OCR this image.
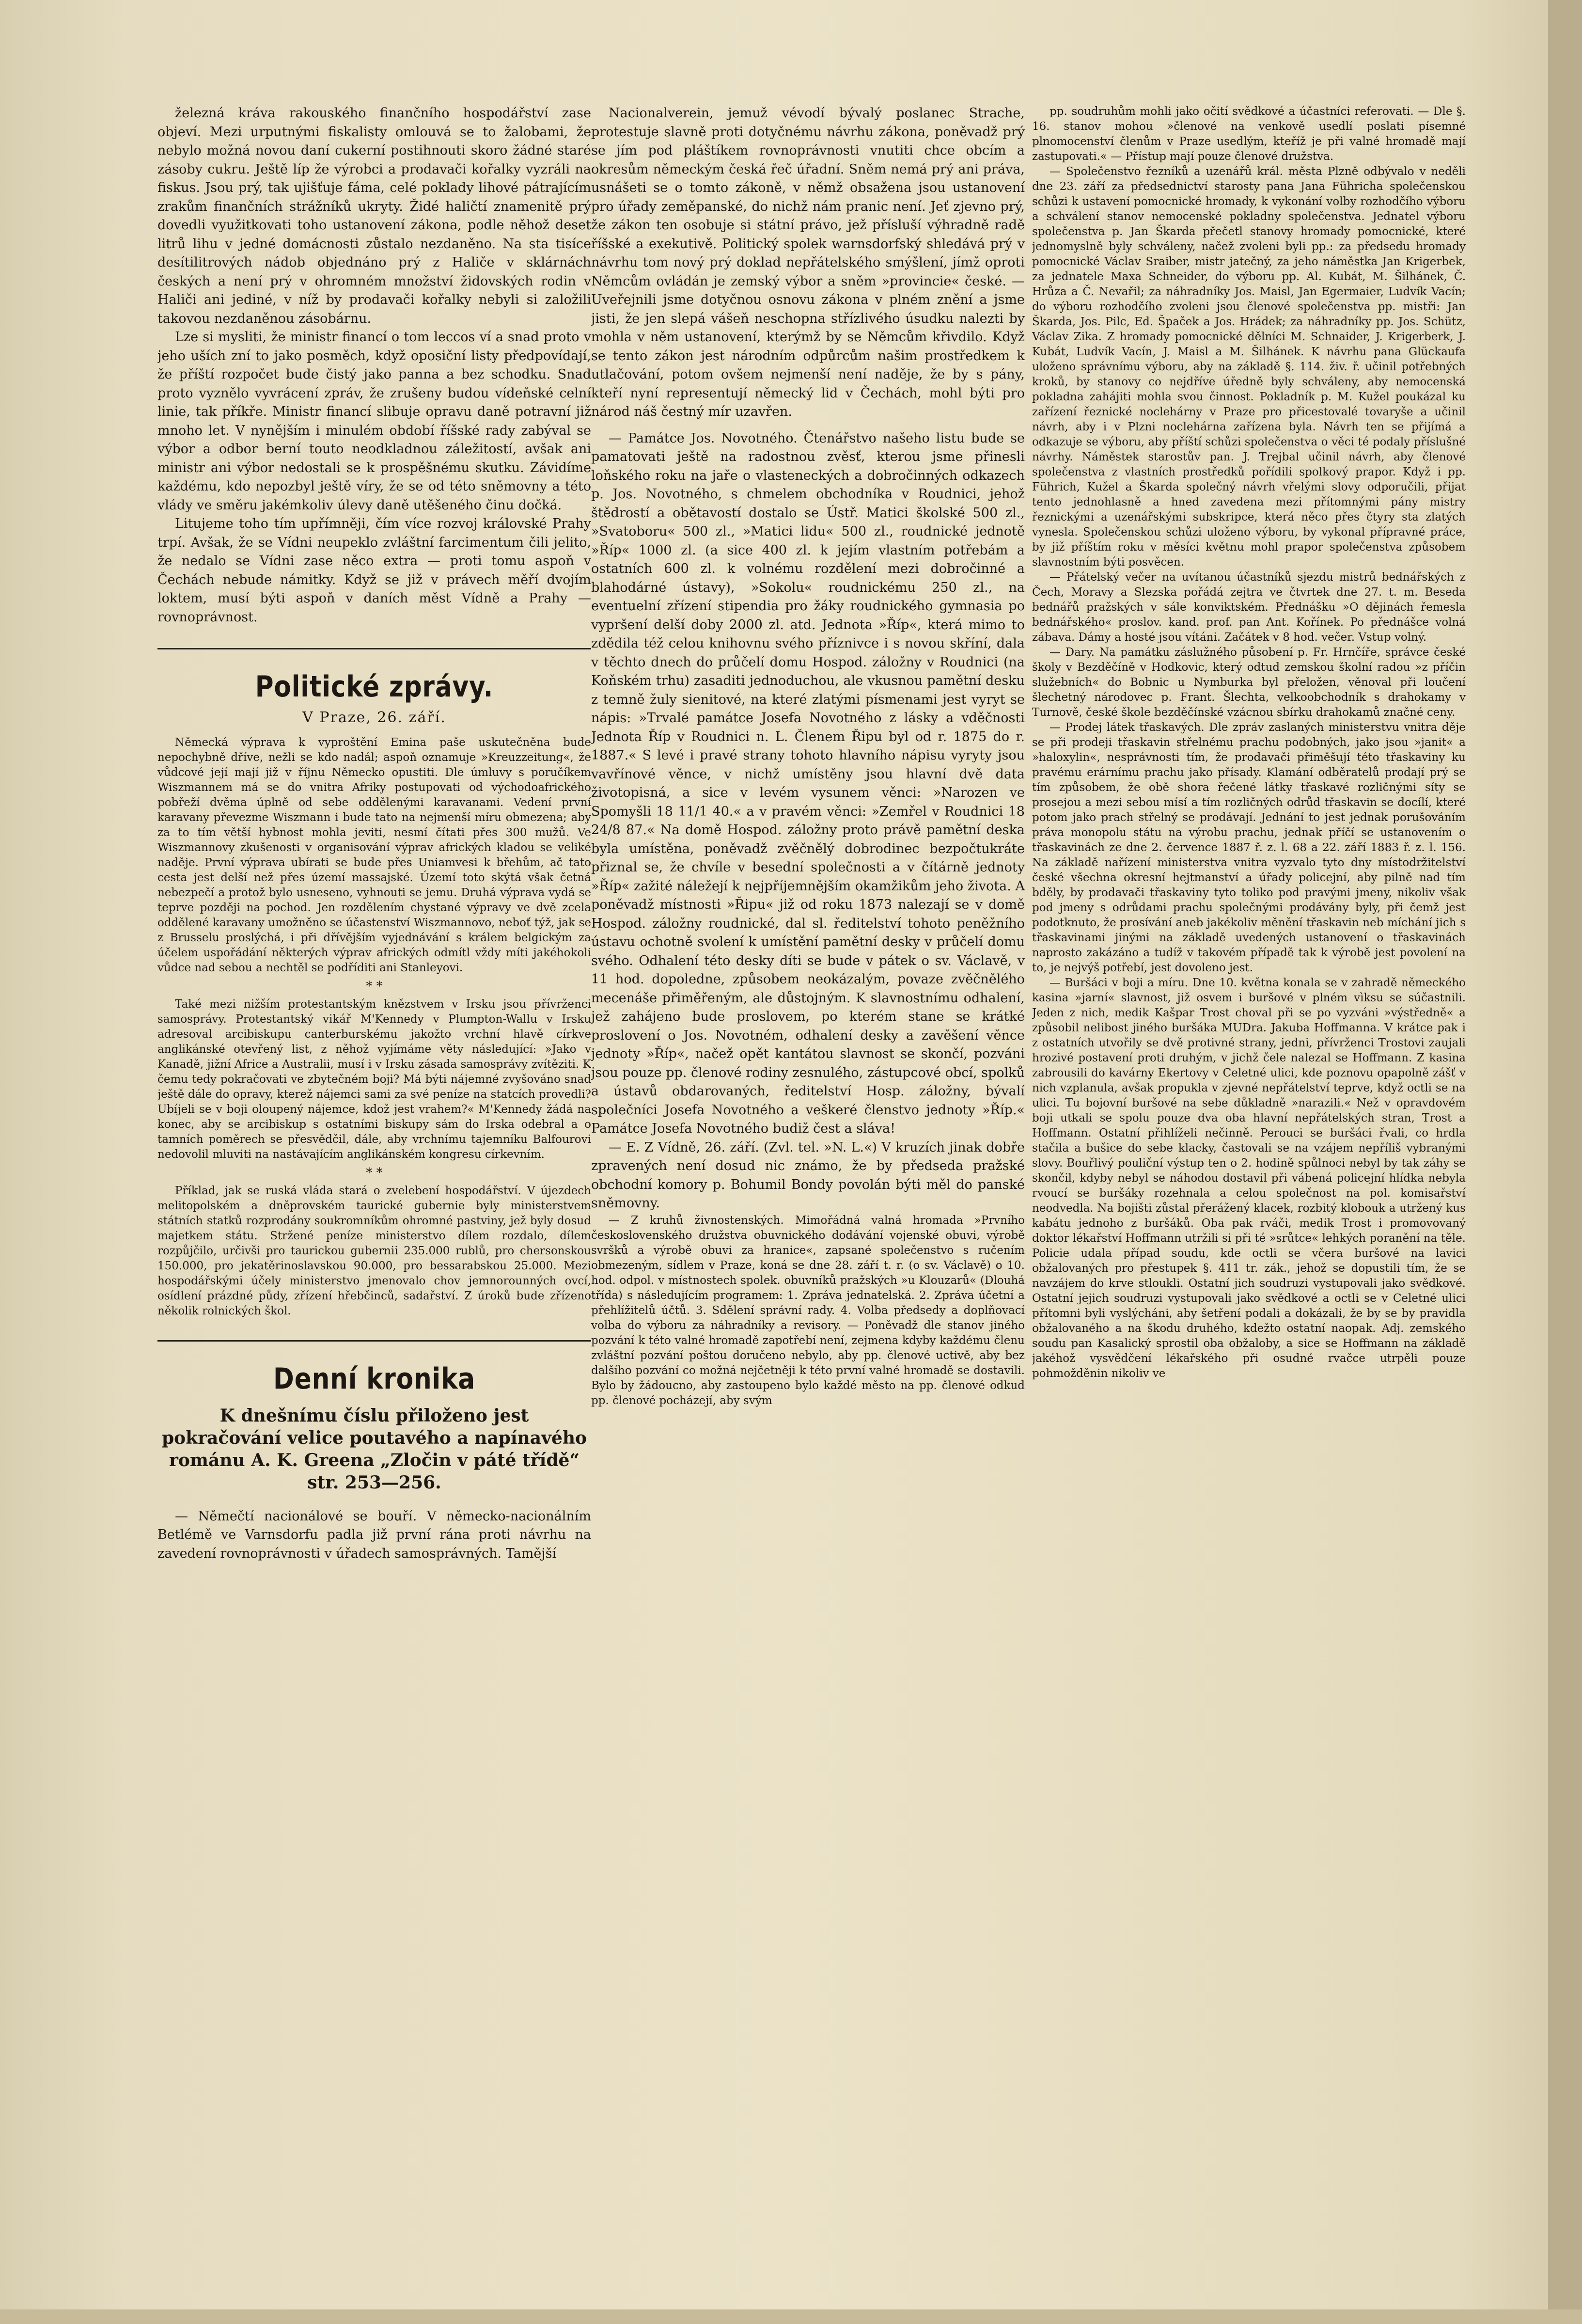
železná kráva rakouského finančního hospodářství zase objeví. Mezi urputnými fiskalisty omlouvá se to žalobami, že nebylo možná novou daní cukerní postihnouti skoro žádné staré zásoby cukru. Ještě líp že výrobci a prodavači kořalky vyzráli na fiskus. Jsou prý, tak ujišťuje fáma, celé poklady lihové pátrajícím zrakům finančních strážníků ukryty. Židé haličtí znamenitě prý dovedli využitkovati toho ustanovení zákona, podle něhož deset litrů lihu v jedné domácnosti zůstalo nezdaněno. Na sta tisíce desítilitrových nádob objednáno prý z Haliče v sklárnách českých a není prý v ohromném množství židovských rodin v Haliči ani jediné, v níž by prodavači kořalky nebyli si založili takovou nezdaněnou zásobárnu.

Lze si mysliti, že ministr financí o tom leccos ví a snad proto v jeho uších zní to jako posměch, když oposiční listy předpovídají, že příští rozpočet bude čistý jako panna a bez schodku. Snad proto vyznělo vyvrácení zpráv, že zrušeny budou vídeňské celní linie, tak příkře. Ministr financí slibuje opravu daně potravní již mnoho let. V nynějším i minulém období říšské rady zabýval se výbor a odbor berní touto neodkladnou záležitostí, avšak ani ministr ani výbor nedostali se k prospěšnému skutku. Závidíme každému, kdo nepozbyl ještě víry, že se od této sněmovny a této vlády ve směru jakémkoliv úlevy daně utěšeného činu dočká.

Litujeme toho tím upřímněji, čím více rozvoj královské Prahy trpí. Avšak, že se Vídni neupeklo zvláštní farcimentum čili jelito, že nedalo se Vídni zase něco extra — proti tomu aspoň v Čechách nebude námitky. Když se již v právech měří dvojím loktem, musí býti aspoň v daních měst Vídně a Prahy — rovnoprávnost.

Politické zprávy.
V Praze, 26. září.

Německá výprava k vyproštění Emina paše uskutečněna bude nepochybně dříve, nežli se kdo nadál; aspoň oznamuje »Kreuzzeitung«, že vůdcové její mají již v říjnu Německo opustiti. Dle úmluvy s poručíkem Wiszmannem má se do vnitra Afriky postupovati od východoafrického pobřeží dvěma úplně od sebe oddělenými karavanami. Vedení první karavany převezme Wiszmann i bude tato na nejmenší míru obmezena; aby za to tím větší hybnost mohla jeviti, nesmí čítati přes 300 mužů. Ve Wiszmannovy zkušenosti v organisování výprav afrických kladou se veliké naděje. První výprava ubírati se bude přes Uniamvesi k břehům, ač tato cesta jest delší než přes území massajské. Území toto skýtá však četná nebezpečí a protož bylo usneseno, vyhnouti se jemu. Druhá výprava vydá se teprve později na pochod. Jen rozdělením chystané výpravy ve dvě zcela oddělené karavany umožněno se účastenství Wiszmannovo, neboť týž, jak se z Brusselu proslýchá, i při dřívějším vyjednávání s králem belgickým za účelem uspořádání některých výprav afrických odmítl vždy míti jakéhokoli vůdce nad sebou a nechtěl se podříditi ani Stanleyovi.

* *

Také mezi nižším protestantským knězstvem v Irsku jsou přívrženci samosprávy. Protestantský vikář M'Kennedy v Plumpton-Wallu v Irsku adresoval arcibiskupu canterburskému jakožto vrchní hlavě církve anglikánské otevřený list, z něhož vyjímáme věty následující: »Jako v Kanadě, jižní Africe a Australii, musí i v Irsku zásada samosprávy zvítěziti. K čemu tedy pokračovati ve zbytečném boji? Má býti nájemné zvyšováno snad ještě dále do opravy, kterež nájemci sami za své peníze na statcích provedli? Ubíjeli se v boji oloupený nájemce, kdož jest vrahem?« M'Kennedy žádá na konec, aby se arcibiskup s ostatními biskupy sám do Irska odebral a o tamních poměrech se přesvědčil, dále, aby vrchnímu tajemníku Balfourovi nedovolil mluviti na nastávajícím anglikánském kongresu církevním.

* *

Příklad, jak se ruská vláda stará o zvelebení hospodářství. V újezdech melitopolském a dněprovském taurické gubernie byly ministerstvem státních statků rozprodány soukromníkům ohromné pastviny, jež byly dosud majetkem státu. Stržené peníze ministerstvo dílem rozdalo, dílem rozpůjčilo, určivši pro taurickou gubernii 235.000 rublů, pro chersonskou 150.000, pro jekatěrinoslavskou 90.000, pro bessarabskou 25.000. Mezi hospodářskými účely ministerstvo jmenovalo chov jemnorounných ovcí, osídlení prázdné půdy, zřízení hřebčinců, sadařství. Z úroků bude zřízeno několik rolnických škol.

Denní kronika
K dnešnímu číslu přiloženo jest pokračování velice poutavého a napínavého románu A. K. Greena „Zločin v páté třídě“ str. 253—256.

— Němečtí nacionálové se bouří. V německo-nacionálním Betlémě ve Varnsdorfu padla již první rána proti návrhu na zavedení rovnoprávnosti v úřadech samosprávných. Tamější

Nacionalverein, jemuž vévodí bývalý poslanec Strache, protestuje slavně proti dotyčnému návrhu zákona, poněvadž prý se jím pod pláštíkem rovnoprávnosti vnutiti chce obcím a okresům německým česká řeč úřadní. Sněm nemá prý ani práva, usnášeti se o tomto zákoně, v němž obsažena jsou ustanovení pro úřady zeměpanské, do nichž nám pranic není. Jeť zjevno prý, že zákon ten osobuje si státní právo, jež přísluší výhradně radě říšské a exekutivě. Politický spolek warnsdorfský shledává prý v návrhu tom nový prý doklad nepřátelského smýšlení, jímž oproti Němcům ovládán je zemský výbor a sněm »provincie« české. — Uveřejnili jsme dotyčnou osnovu zákona v plném znění a jsme jisti, že jen slepá vášeň neschopna střízlivého úsudku nalezti by mohla v něm ustanovení, kterýmž by se Němcům křivdilo. Když se tento zákon jest národním odpůrcům našim prostředkem k utlačování, potom ovšem nejmenší není naděje, že by s pány, kteří nyní representují německý lid v Čechách, mohl býti pro národ náš čestný mír uzavřen.

— Památce Jos. Novotného. Čtenářstvo našeho listu bude se pamatovati ještě na radostnou zvěsť, kterou jsme přinesli loňského roku na jaře o vlasteneckých a dobročinných odkazech p. Jos. Novotného, s chmelem obchodníka v Roudnici, jehož štědrostí a obětavostí dostalo se Ústř. Matici školské 500 zl., »Svatoboru« 500 zl., »Matici lidu« 500 zl., roudnické jednotě »Říp« 1000 zl. (a sice 400 zl. k jejím vlastním potřebám a ostatních 600 zl. k volnému rozdělení mezi dobročinné a blahodárné ústavy), »Sokolu« roudnickému 250 zl., na eventuelní zřízení stipendia pro žáky roudnického gymnasia po vypršení delší doby 2000 zl. atd. Jednota »Říp«, která mimo to zdědila též celou knihovnu svého příznivce i s novou skříní, dala v těchto dnech do průčelí domu Hospod. záložny v Roudnici (na Koňském trhu) zasaditi jednoduchou, ale vkusnou pamětní desku z temně žuly sienitové, na které zlatými písmenami jest vyryt se nápis: »Trvalé památce Josefa Novotného z lásky a vděčnosti Jednota Říp v Roudnici n. L. Členem Řipu byl od r. 1875 do r. 1887.« S levé i pravé strany tohoto hlavního nápisu vyryty jsou vavřínové věnce, v nichž umístěny jsou hlavní dvě data životopisná, a sice v levém vysunem věnci: »Narozen ve Spomyšli 18 11/1 40.« a v pravém věnci: »Zemřel v Roudnici 18 24/8 87.« Na domě Hospod. záložny proto právě pamětní deska byla umístěna, poněvadž zvěčnělý dobrodinec bezpočtukráte přiznal se, že chvíle v besední společnosti a v čítárně jednoty »Říp« zažité náležejí k nejpříjemnějším okamžikům jeho života. A poněvadž místnosti »Řipu« již od roku 1873 nalezají se v domě Hospod. záložny roudnické, dal sl. ředitelství tohoto peněžního ústavu ochotně svolení k umístění pamětní desky v průčelí domu svého. Odhalení této desky díti se bude v pátek o sv. Václavě, v 11 hod. dopoledne, způsobem neokázalým, povaze zvěčnělého mecenáše přiměřeným, ale důstojným. K slavnostnímu odhalení, jež zahájeno bude proslovem, po kterém stane se krátké proslovení o Jos. Novotném, odhalení desky a zavěšení věnce jednoty »Říp«, načež opět kantátou slavnost se skončí, pozváni jsou pouze pp. členové rodiny zesnulého, zástupcové obcí, spolků a ústavů obdarovaných, ředitelství Hosp. záložny, bývalí společníci Josefa Novotného a veškeré členstvo jednoty »Říp.« Památce Josefa Novotného budiž čest a sláva!

— E. Z Vídně, 26. září. (Zvl. tel. »N. L.«) V kruzích jinak dobře zpravených není dosud nic známo, že by předseda pražské obchodní komory p. Bohumil Bondy povolán býti měl do panské sněmovny.

— Z kruhů živnostenských. Mimořádná valná hromada »Prvního československého družstva obuvnického dodávání vojenské obuvi, výrobě svršků a výrobě obuvi za hranice«, zapsané společenstvo s ručením obmezeným, sídlem v Praze, koná se dne 28. září t. r. (o sv. Václavě) o 10. hod. odpol. v místnostech spolek. obuvníků pražských »u Klouzarů« (Dlouhá třída) s následujícím programem: 1. Zpráva jednatelská. 2. Zpráva účetní a přehlížitelů účtů. 3. Sdělení správní rady. 4. Volba předsedy a doplňovací volba do výboru za náhradníky a revisory. — Poněvadž dle stanov jiného pozvání k této valné hromadě zapotřebí není, zejmena kdyby každému členu zvláštní pozvání poštou doručeno nebylo, aby pp. členové uctivě, aby bez dalšího pozvání co možná nejčetněji k této první valné hromadě se dostavili. Bylo by žádoucno, aby zastoupeno bylo každé město na pp. členové odkud pp. členové pocházejí, aby svým

pp. soudruhům mohli jako očití svědkové a účastníci referovati. — Dle §. 16. stanov mohou »členové na venkově usedlí poslati písemné plnomocenství členům v Praze usedlým, kteříž je při valné hromadě mají zastupovati.« — Přístup mají pouze členové družstva.

— Společenstvo řezníků a uzenářů král. města Plzně odbývalo v neděli dne 23. září za předsednictví starosty pana Jana Führicha společenskou schůzi k ustavení pomocnické hromady, k vykonání volby rozhodčího výboru a schválení stanov nemocenské pokladny společenstva. Jednatel výboru společenstva p. Jan Škarda přečetl stanovy hromady pomocnické, které jednomyslně byly schváleny, načež zvoleni byli pp.: za předsedu hromady pomocnické Václav Sraiber, mistr jatečný, za jeho náměstka Jan Krigerbek, za jednatele Maxa Schneider, do výboru pp. Al. Kubát, M. Šilhánek, Č. Hrůza a Č. Nevařil; za náhradníky Jos. Maisl, Jan Egermaier, Ludvík Vacín; do výboru rozhodčího zvoleni jsou členové společenstva pp. mistři: Jan Škarda, Jos. Pilc, Ed. Špaček a Jos. Hrádek; za náhradníky pp. Jos. Schütz, Václav Zika. Z hromady pomocnické dělníci M. Schnaider, J. Krigerberk, J. Kubát, Ludvík Vacín, J. Maisl a M. Šilhánek. K návrhu pana Glückaufa uloženo správnímu výboru, aby na základě §. 114. živ. ř. učinil potřebných kroků, by stanovy co nejdříve úředně byly schváleny, aby nemocenská pokladna zahájiti mohla svou činnost. Pokladník p. M. Kužel poukázal ku zařízení řeznické noclehárny v Praze pro přicestovalé tovaryše a učinil návrh, aby i v Plzni noclehárna zařízena byla. Návrh ten se přijímá a odkazuje se výboru, aby příští schůzi společenstva o věci té podaly příslušné návrhy. Náměstek starostův pan. J. Trejbal učinil návrh, aby členové společenstva z vlastních prostředků pořídili spolkový prapor. Když i pp. Führich, Kužel a Škarda společný návrh vřelými slovy odporučili, přijat tento jednohlasně a hned zavedena mezi přítomnými pány mistry řeznickými a uzenářskými subskripce, která něco přes čtyry sta zlatých vynesla. Společenskou schůzi uloženo výboru, by vykonal přípravné práce, by již příštím roku v měsíci květnu mohl prapor společenstva způsobem slavnostním býti posvěcen.

— Přátelský večer na uvítanou účastníků sjezdu mistrů bednářských z Čech, Moravy a Slezska pořádá zejtra ve čtvrtek dne 27. t. m. Beseda bednářů pražských v sále konviktském. Přednášku »O dějinách řemesla bednářského« proslov. kand. prof. pan Ant. Kořínek. Po přednášce volná zábava. Dámy a hosté jsou vítáni. Začátek v 8 hod. večer. Vstup volný.

— Dary. Na památku záslužného působení p. Fr. Hrnčíře, správce české školy v Bezděčíně v Hodkovic, který odtud zemskou školní radou »z příčin služebních« do Bobnic u Nymburka byl přeložen, věnoval při loučení šlechetný národovec p. Frant. Šlechta, velkoobchodník s drahokamy v Turnově, české škole bezděčínské vzácnou sbírku drahokamů značné ceny.

— Prodej látek třaskavých. Dle zpráv zaslaných ministerstvu vnitra děje se při prodeji třaskavin střelnému prachu podobných, jako jsou »janit« a »haloxylin«, nesprávnosti tím, že prodavači přiměšují této třaskaviny ku pravému erárnímu prachu jako přísady. Klamání odběratelů prodají prý se tím způsobem, že obě shora řečené látky třaskavé rozličnými síty se prosejou a mezi sebou mísí a tím rozličných odrůd třaskavin se docílí, které potom jako prach střelný se prodávají. Jednání to jest jednak porušováním práva monopolu státu na výrobu prachu, jednak příčí se ustanovením o třaskavinách ze dne 2. července 1887 ř. z. l. 68 a 22. září 1883 ř. z. l. 156. Na základě nařízení ministerstva vnitra vyzvalo tyto dny místodržitelství české všechna okresní hejtmanství a úřady policejní, aby pilně nad tím bděly, by prodavači třaskaviny tyto toliko pod pravými jmeny, nikoliv však pod jmeny s odrůdami prachu společnými prodávány byly, při čemž jest podotknuto, že prosívání aneb jakékoliv měnění třaskavin neb míchání jich s třaskavinami jinými na základě uvedených ustanovení o třaskavinách naprosto zakázáno a tudíž v takovém případě tak k výrobě jest povolení na to, je nejvýš potřebí, jest dovoleno jest.

— Buršáci v boji a míru. Dne 10. května konala se v zahradě německého kasina »jarní« slavnost, již osvem i buršové v plném vìksu se súčastnili. Jeden z nich, medik Kašpar Trost choval při se po vyzváni »výstředně« a způsobil nelibost jiného buršáka MUDra. Jakuba Hoffmanna. V krátce pak i z ostatních utvořily se dvě protivné strany, jedni, přívrženci Trostovi zaujali hrozivé postavení proti druhým, v jichž čele nalezal se Hoffmann. Z kasina zabrousili do kavárny Ekertovy v Celetné ulici, kde poznovu opapolně zášť v nich vzplanula, avšak propukla v zjevné nepřátelství teprve, když octli se na ulici. Tu bojovní buršové na sebe důkladně »narazili.« Než v opravdovém boji utkali se spolu pouze dva oba hlavní nepřátelských stran, Trost a Hoffmann. Ostatní přihlíželi nečinně. Perouci se buršáci řvali, co hrdla stačila a bušice do sebe klacky, častovali se na vzájem nepříliš vybranými slovy. Bouřlivý pouliční výstup ten o 2. hodině spůlnoci nebyl by tak záhy se skončil, kdyby nebyl se náhodou dostavil při vábená policejní hlídka nebyla rvoucí se buršáky rozehnala a celou společnost na pol. komisařství neodvedla. Na bojišti zůstal přerážený klacek, rozbitý klobouk a utržený kus kabátu jednoho z buršáků. Oba pak rváči, medik Trost i promovovaný doktor lékařství Hoffmann utržili si při té »srůtce« lehkých poranění na těle. Policie udala případ soudu, kde octli se včera buršové na lavici obžalovaných pro přestupek §. 411 tr. zák., jehož se dopustili tím, že se navzájem do krve stloukli. Ostatní jich soudruzi vystupovali jako svědkové. Ostatní jejich soudruzi vystupovali jako svědkové a octli se v Celetné ulici přítomni byli vyslýcháni, aby šetření podali a dokázali, že by se by pravidla obžalovaného a na škodu druhého, kdežto ostatní naopak. Adj. zemského soudu pan Kasalický sprostil oba obžaloby, a sice se Hoffmann na základě jakéhož vysvědčení lékařského při osudné rvačce utrpěli pouze pohmožděnin nikoliv ve
